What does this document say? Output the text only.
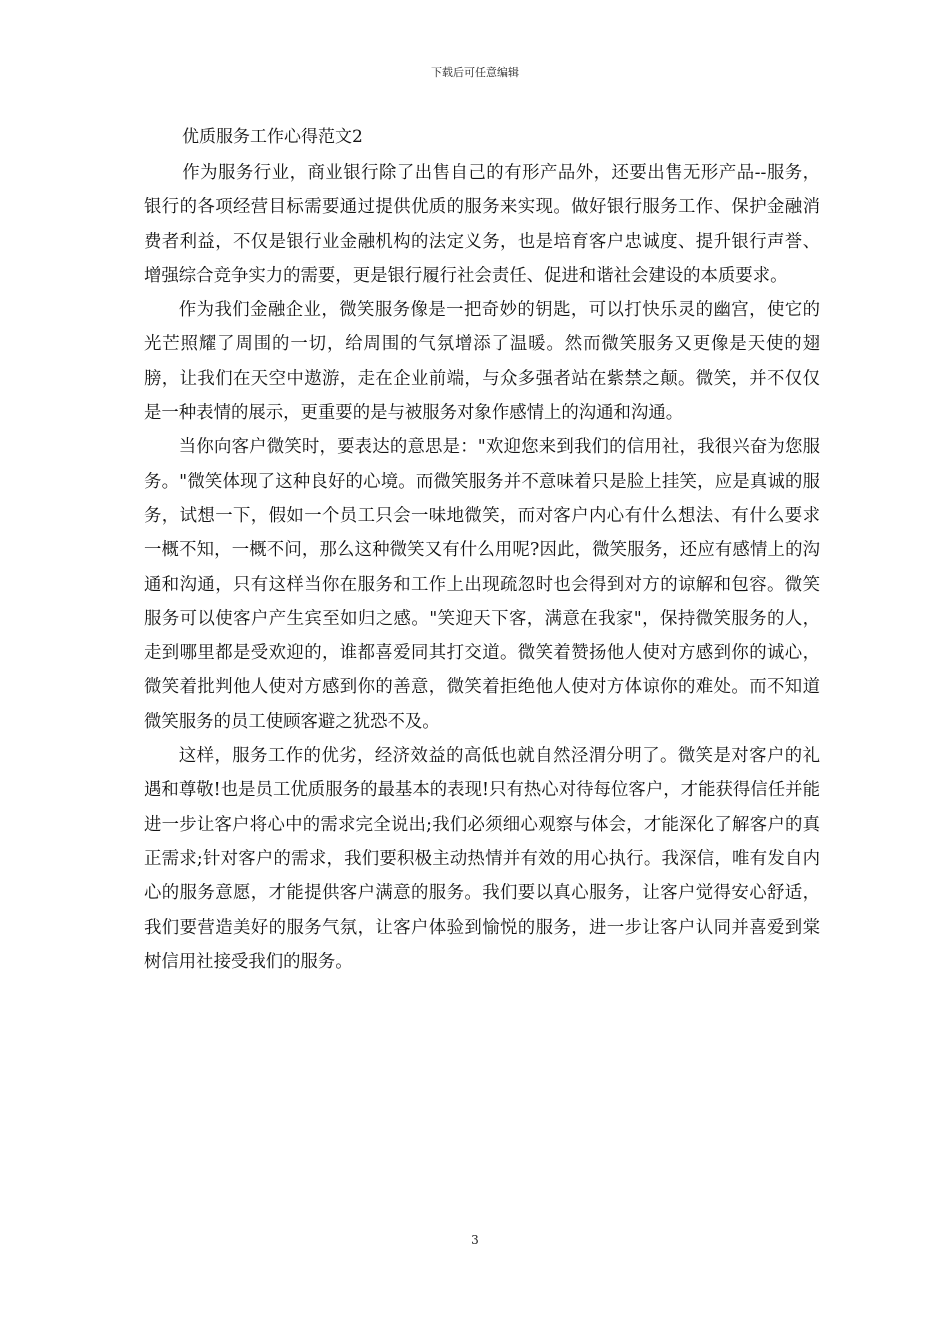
下载后可任意编辑
优质服务工作心得范文2

作为服务行业，商业银行除了出售自己的有形产品外，还要出售无形产品--服务，银行的各项经营目标需要通过提供优质的服务来实现。做好银行服务工作、保护金融消费者利益，不仅是银行业金融机构的法定义务，也是培育客户忠诚度、提升银行声誉、增强综合竞争实力的需要，更是银行履行社会责任、促进和谐社会建设的本质要求。

作为我们金融企业，微笑服务像是一把奇妙的钥匙，可以打快乐灵的幽宫，使它的光芒照耀了周围的一切，给周围的气氛增添了温暖。然而微笑服务又更像是天使的翅膀，让我们在天空中遨游，走在企业前端，与众多强者站在紫禁之颠。微笑，并不仅仅是一种表情的展示，更重要的是与被服务对象作感情上的沟通和沟通。

当你向客户微笑时，要表达的意思是："欢迎您来到我们的信用社，我很兴奋为您服务。"微笑体现了这种良好的心境。而微笑服务并不意味着只是脸上挂笑，应是真诚的服务，试想一下，假如一个员工只会一味地微笑，而对客户内心有什么想法、有什么要求一概不知，一概不问，那么这种微笑又有什么用呢?因此，微笑服务，还应有感情上的沟通和沟通，只有这样当你在服务和工作上出现疏忽时也会得到对方的谅解和包容。微笑服务可以使客户产生宾至如归之感。"笑迎天下客，满意在我家"，保持微笑服务的人，走到哪里都是受欢迎的，谁都喜爱同其打交道。微笑着赞扬他人使对方感到你的诚心，微笑着批判他人使对方感到你的善意，微笑着拒绝他人使对方体谅你的难处。而不知道微笑服务的员工使顾客避之犹恐不及。

这样，服务工作的优劣，经济效益的高低也就自然泾渭分明了。微笑是对客户的礼遇和尊敬!也是员工优质服务的最基本的表现!只有热心对待每位客户，才能获得信任并能进一步让客户将心中的需求完全说出;我们必须细心观察与体会，才能深化了解客户的真正需求;针对客户的需求，我们要积极主动热情并有效的用心执行。我深信，唯有发自内心的服务意愿，才能提供客户满意的服务。我们要以真心服务，让客户觉得安心舒适，我们要营造美好的服务气氛，让客户体验到愉悦的服务，进一步让客户认同并喜爱到棠树信用社接受我们的服务。

3
